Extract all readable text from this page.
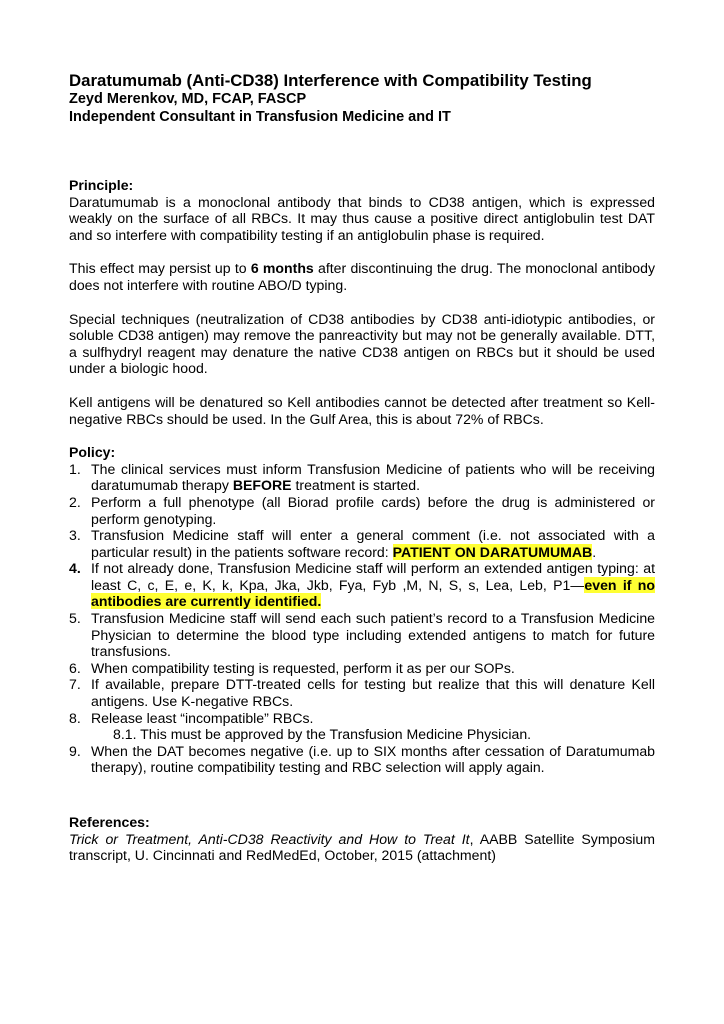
Daratumumab (Anti-CD38) Interference with Compatibility Testing
Zeyd Merenkov, MD, FCAP, FASCP
Independent Consultant in Transfusion Medicine and IT
Principle:

Daratumumab is a monoclonal antibody that binds to CD38 antigen, which is expressed weakly on the surface of all RBCs. It may thus cause a positive direct antiglobulin test DAT and so interfere with compatibility testing if an antiglobulin phase is required.

This effect may persist up to 6 months after discontinuing the drug. The monoclonal antibody does not interfere with routine ABO/D typing.

Special techniques (neutralization of CD38 antibodies by CD38 anti-idiotypic antibodies, or soluble CD38 antigen) may remove the panreactivity but may not be generally available. DTT, a sulfhydryl reagent may denature the native CD38 antigen on RBCs but it should be used under a biologic hood.

Kell antigens will be denatured so Kell antibodies cannot be detected after treatment so Kell-negative RBCs should be used. In the Gulf Area, this is about 72% of RBCs.

Policy:
1. The clinical services must inform Transfusion Medicine of patients who will be receiving daratumumab therapy BEFORE treatment is started.
2. Perform a full phenotype (all Biorad profile cards) before the drug is administered or perform genotyping.
3. Transfusion Medicine staff will enter a general comment (i.e. not associated with a particular result) in the patients software record: PATIENT ON DARATUMUMAB.
4. If not already done, Transfusion Medicine staff will perform an extended antigen typing: at least C, c, E, e, K, k, Kpa, Jka, Jkb, Fya, Fyb ,M, N, S, s, Lea, Leb, P1—even if no antibodies are currently identified.
5. Transfusion Medicine staff will send each such patient’s record to a Transfusion Medicine Physician to determine the blood type including extended antigens to match for future transfusions.
6. When compatibility testing is requested, perform it as per our SOPs.
7. If available, prepare DTT-treated cells for testing but realize that this will denature Kell antigens. Use K-negative RBCs.
8. Release least “incompatible” RBCs.
8.1. This must be approved by the Transfusion Medicine Physician.
9. When the DAT becomes negative (i.e. up to SIX months after cessation of Daratumumab therapy), routine compatibility testing and RBC selection will apply again.
References:

Trick or Treatment, Anti-CD38 Reactivity and How to Treat It, AABB Satellite Symposium transcript, U. Cincinnati and RedMedEd, October, 2015 (attachment)
